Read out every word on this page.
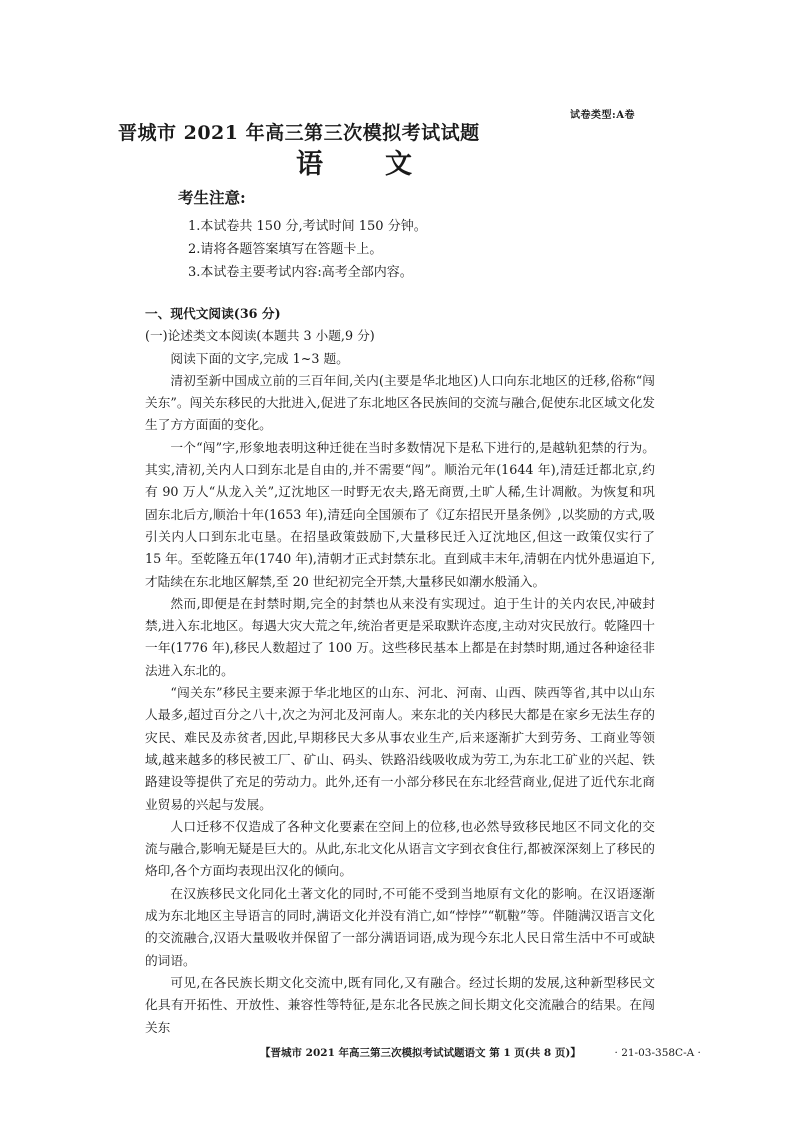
试卷类型:A卷
晋城市 2021 年高三第三次模拟考试试题
语文
考生注意:
1.本试卷共 150 分,考试时间 150 分钟。
2.请将各题答案填写在答题卡上。
3.本试卷主要考试内容:高考全部内容。

一、现代文阅读(36 分)

(一)论述类文本阅读(本题共 3 小题,9 分)

阅读下面的文字,完成 1~3 题。

清初至新中国成立前的三百年间,关内(主要是华北地区)人口向东北地区的迁移,俗称“闯关东”。闯关东移民的大批进入,促进了东北地区各民族间的交流与融合,促使东北区域文化发生了方方面面的变化。

一个“闯”字,形象地表明这种迁徙在当时多数情况下是私下进行的,是越轨犯禁的行为。其实,清初,关内人口到东北是自由的,并不需要“闯”。顺治元年(1644 年),清廷迁都北京,约有 90 万人“从龙入关”,辽沈地区一时野无农夫,路无商贾,土旷人稀,生计凋敝。为恢复和巩固东北后方,顺治十年(1653 年),清廷向全国颁布了《辽东招民开垦条例》,以奖励的方式,吸引关内人口到东北屯垦。在招垦政策鼓励下,大量移民迁入辽沈地区,但这一政策仅实行了 15 年。至乾隆五年(1740 年),清朝才正式封禁东北。直到咸丰末年,清朝在内忧外患逼迫下,才陆续在东北地区解禁,至 20 世纪初完全开禁,大量移民如潮水般涌入。

然而,即便是在封禁时期,完全的封禁也从来没有实现过。迫于生计的关内农民,冲破封禁,进入东北地区。每遇大灾大荒之年,统治者更是采取默许态度,主动对灾民放行。乾隆四十一年(1776 年),移民人数超过了 100 万。这些移民基本上都是在封禁时期,通过各种途径非法进入东北的。

“闯关东”移民主要来源于华北地区的山东、河北、河南、山西、陕西等省,其中以山东人最多,超过百分之八十,次之为河北及河南人。来东北的关内移民大都是在家乡无法生存的灾民、难民及赤贫者,因此,早期移民大多从事农业生产,后来逐渐扩大到劳务、工商业等领域,越来越多的移民被工厂、矿山、码头、铁路沿线吸收成为劳工,为东北工矿业的兴起、铁路建设等提供了充足的劳动力。此外,还有一小部分移民在东北经营商业,促进了近代东北商业贸易的兴起与发展。

人口迁移不仅造成了各种文化要素在空间上的位移,也必然导致移民地区不同文化的交流与融合,影响无疑是巨大的。从此,东北文化从语言文字到衣食住行,都被深深刻上了移民的烙印,各个方面均表现出汉化的倾向。

在汉族移民文化同化土著文化的同时,不可能不受到当地原有文化的影响。在汉语逐渐成为东北地区主导语言的同时,满语文化并没有消亡,如“悖悖”“靰鞡”等。伴随满汉语言文化的交流融合,汉语大量吸收并保留了一部分满语词语,成为现今东北人民日常生活中不可或缺的词语。

可见,在各民族长期文化交流中,既有同化,又有融合。经过长期的发展,这种新型移民文化具有开拓性、开放性、兼容性等特征,是东北各民族之间长期文化交流融合的结果。在闯关东

【晋城市 2021 年高三第三次模拟考试试题语文 第 1 页(共 8 页)】	· 21-03-358C-A ·
